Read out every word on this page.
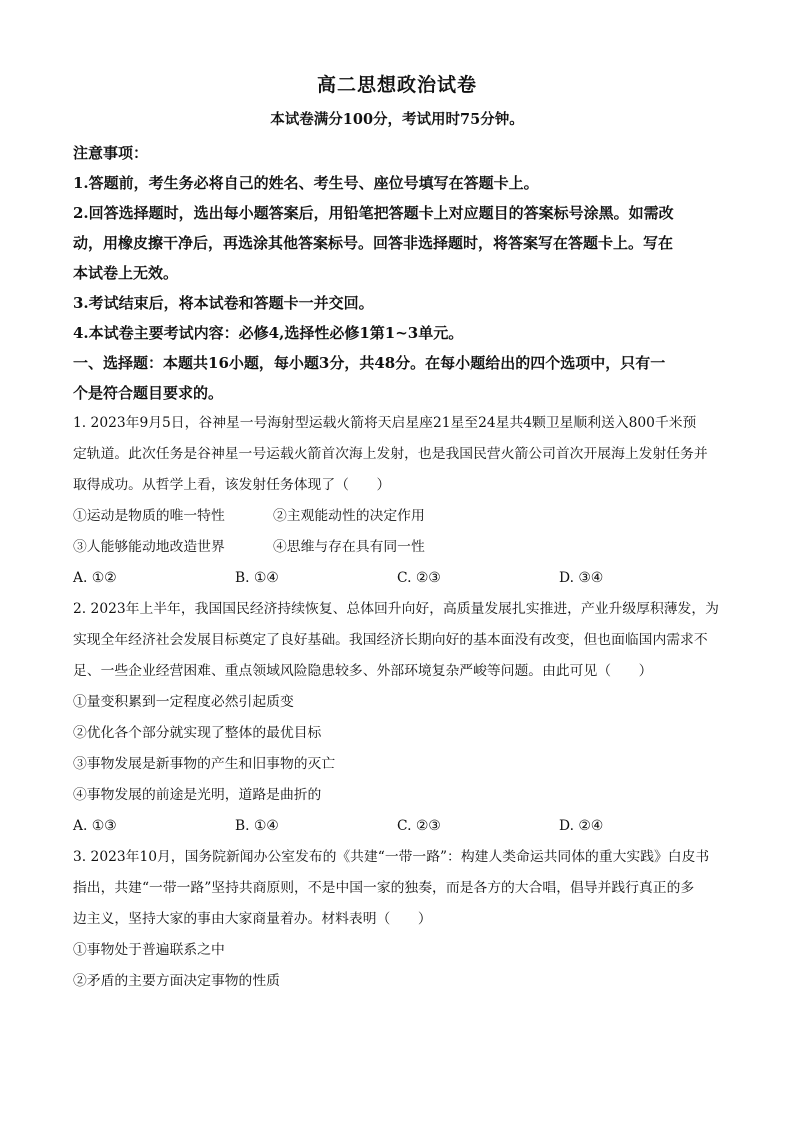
高二思想政治试卷
本试卷满分100分，考试用时75分钟。

注意事项：

1.答题前，考生务必将自己的姓名、考生号、座位号填写在答题卡上。

2.回答选择题时，选出每小题答案后，用铅笔把答题卡上对应题目的答案标号涂黑。如需改

动，用橡皮擦干净后，再选涂其他答案标号。回答非选择题时，将答案写在答题卡上。写在

本试卷上无效。

3.考试结束后，将本试卷和答题卡一并交回。

4.本试卷主要考试内容：必修4,选择性必修1第1~3单元。

一、选择题：本题共16小题，每小题3分，共48分。在每小题给出的四个选项中，只有一

个是符合题目要求的。

1. 2023年9月5日，谷神星一号海射型运载火箭将天启星座21星至24星共4颗卫星顺利送入800千米预

定轨道。此次任务是谷神星一号运载火箭首次海上发射，也是我国民营火箭公司首次开展海上发射任务并

取得成功。从哲学上看，该发射任务体现了（　　）

①运动是物质的唯一特性	②主观能动性的决定作用
③人能够能动地改造世界	④思维与存在具有同一性
A. ①②	B. ①④	C. ②③	D. ③④

2. 2023年上半年，我国国民经济持续恢复、总体回升向好，高质量发展扎实推进，产业升级厚积薄发，为

实现全年经济社会发展目标奠定了良好基础。我国经济长期向好的基本面没有改变，但也面临国内需求不

足、一些企业经营困难、重点领域风险隐患较多、外部环境复杂严峻等问题。由此可见（　　）

①量变积累到一定程度必然引起质变

②优化各个部分就实现了整体的最优目标

③事物发展是新事物的产生和旧事物的灭亡

④事物发展的前途是光明，道路是曲折的

A. ①③	B. ①④	C. ②③	D. ②④

3. 2023年10月，国务院新闻办公室发布的《共建“一带一路”：构建人类命运共同体的重大实践》白皮书

指出，共建“一带一路”坚持共商原则，不是中国一家的独奏，而是各方的大合唱，倡导并践行真正的多

边主义，坚持大家的事由大家商量着办。材料表明（　　）

①事物处于普遍联系之中

②矛盾的主要方面决定事物的性质
